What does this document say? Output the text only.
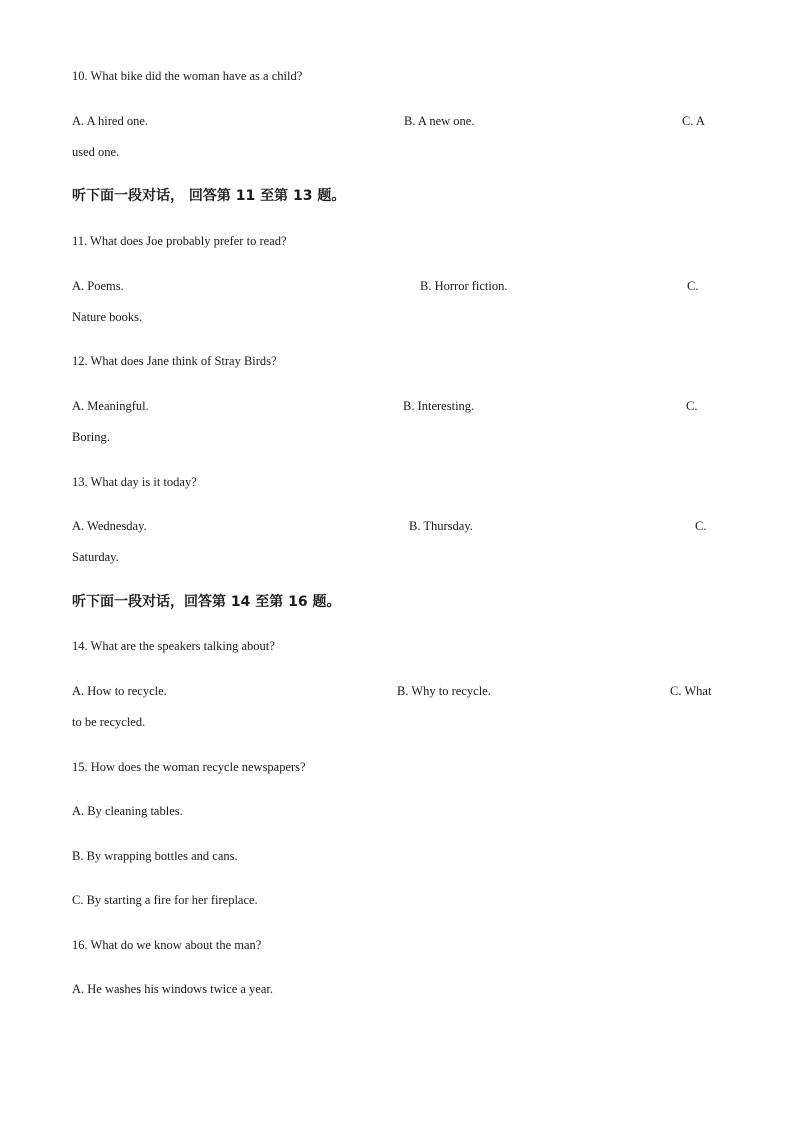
10. What bike did the woman have as a child?
A. A hired one.	B. A new one.	C. A
used one.
听下面一段对话， 回答第 11 至第 13 题。
11. What does Joe probably prefer to read?
A. Poems.	B. Horror fiction.	C.
Nature books.
12. What does Jane think of Stray Birds?
A. Meaningful.	B. Interesting.	C.
Boring.
13. What day is it today?
A. Wednesday.	B. Thursday.	C.
Saturday.
听下面一段对话，回答第 14 至第 16 题。
14. What are the speakers talking about?
A. How to recycle.	B. Why to recycle.	C. What
to be recycled.
15. How does the woman recycle newspapers?
A. By cleaning tables.
B. By wrapping bottles and cans.
C. By starting a fire for her fireplace.
16. What do we know about the man?
A. He washes his windows twice a year.
